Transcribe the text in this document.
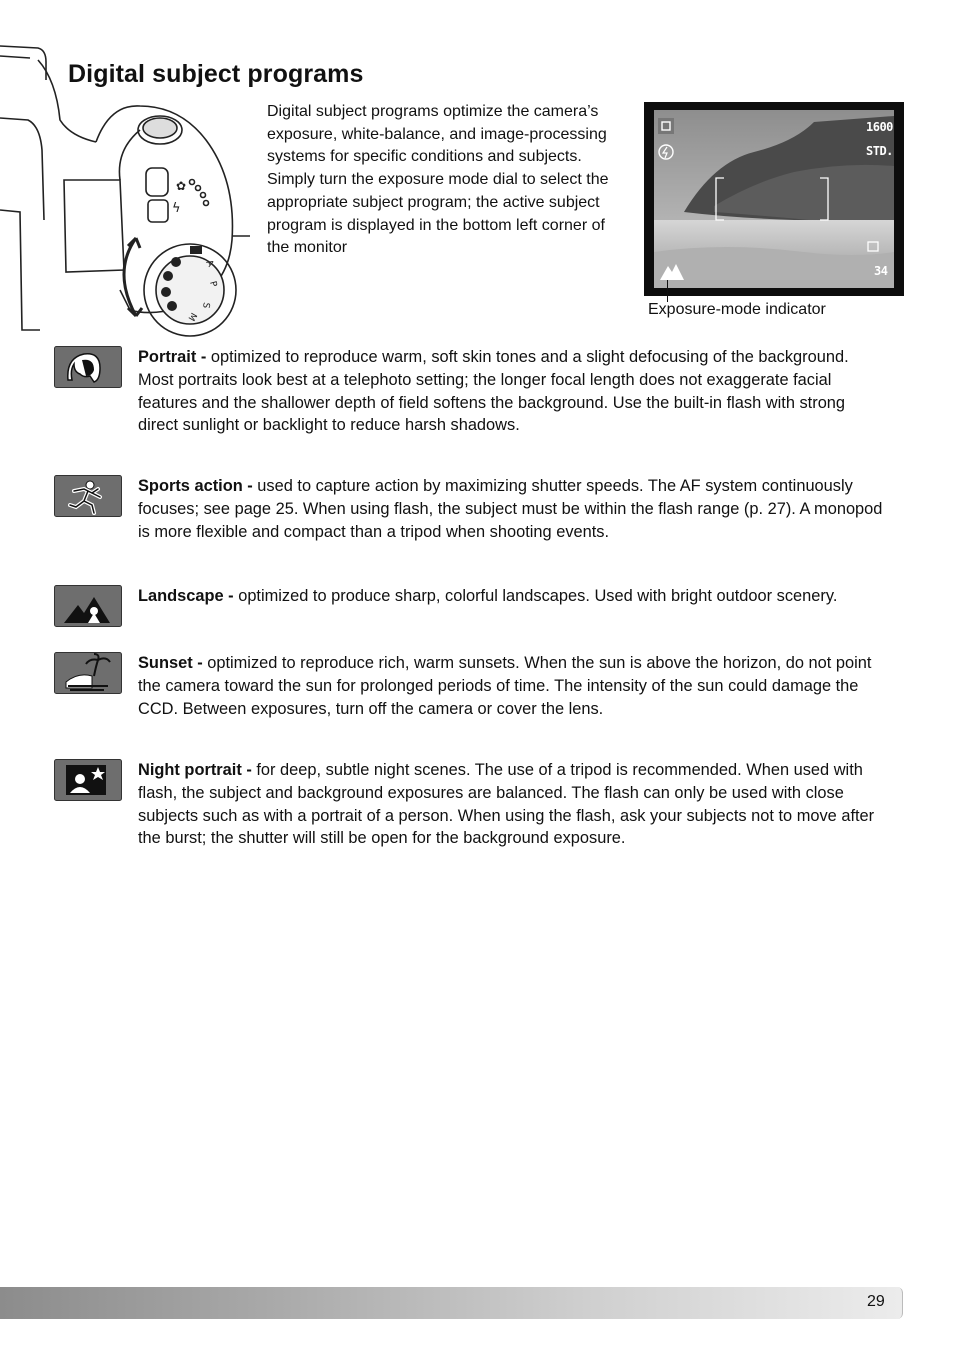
✿
ϟ
A
P
S
M
Digital subject programs
Digital subject programs optimize the camera’s exposure, white-balance, and image-processing systems for specific conditions and subjects. Simply turn the exposure mode dial to select the appropriate subject program; the active subject program is displayed in the bottom left corner of the monitor
1600
STD.
34
Exposure-mode indicator
Portrait - optimized to reproduce warm, soft skin tones and a slight defocusing of the background. Most portraits look best at a telephoto setting; the longer focal length does not exaggerate facial features and the shallower depth of field softens the background. Use the built-in flash with strong direct sunlight or backlight to reduce harsh shadows.
Sports action - used to capture action by maximizing shutter speeds. The AF system continuously focuses; see page 25. When using flash, the subject must be within the flash range (p. 27). A monopod is more flexible and compact than a tripod when shooting events.
Landscape - optimized to produce sharp, colorful landscapes. Used with bright outdoor scenery.
Sunset - optimized to reproduce rich, warm sunsets. When the sun is above the horizon, do not point the camera toward the sun for prolonged periods of time. The intensity of the sun could damage the CCD. Between exposures, turn off the camera or cover the lens.
Night portrait - for deep, subtle night scenes. The use of a tripod is recommended. When used with flash, the subject and background exposures are balanced. The flash can only be used with close subjects such as with a portrait of a person. When using the flash, ask your subjects not to move after the burst; the shutter will still be open for the background exposure.
29
